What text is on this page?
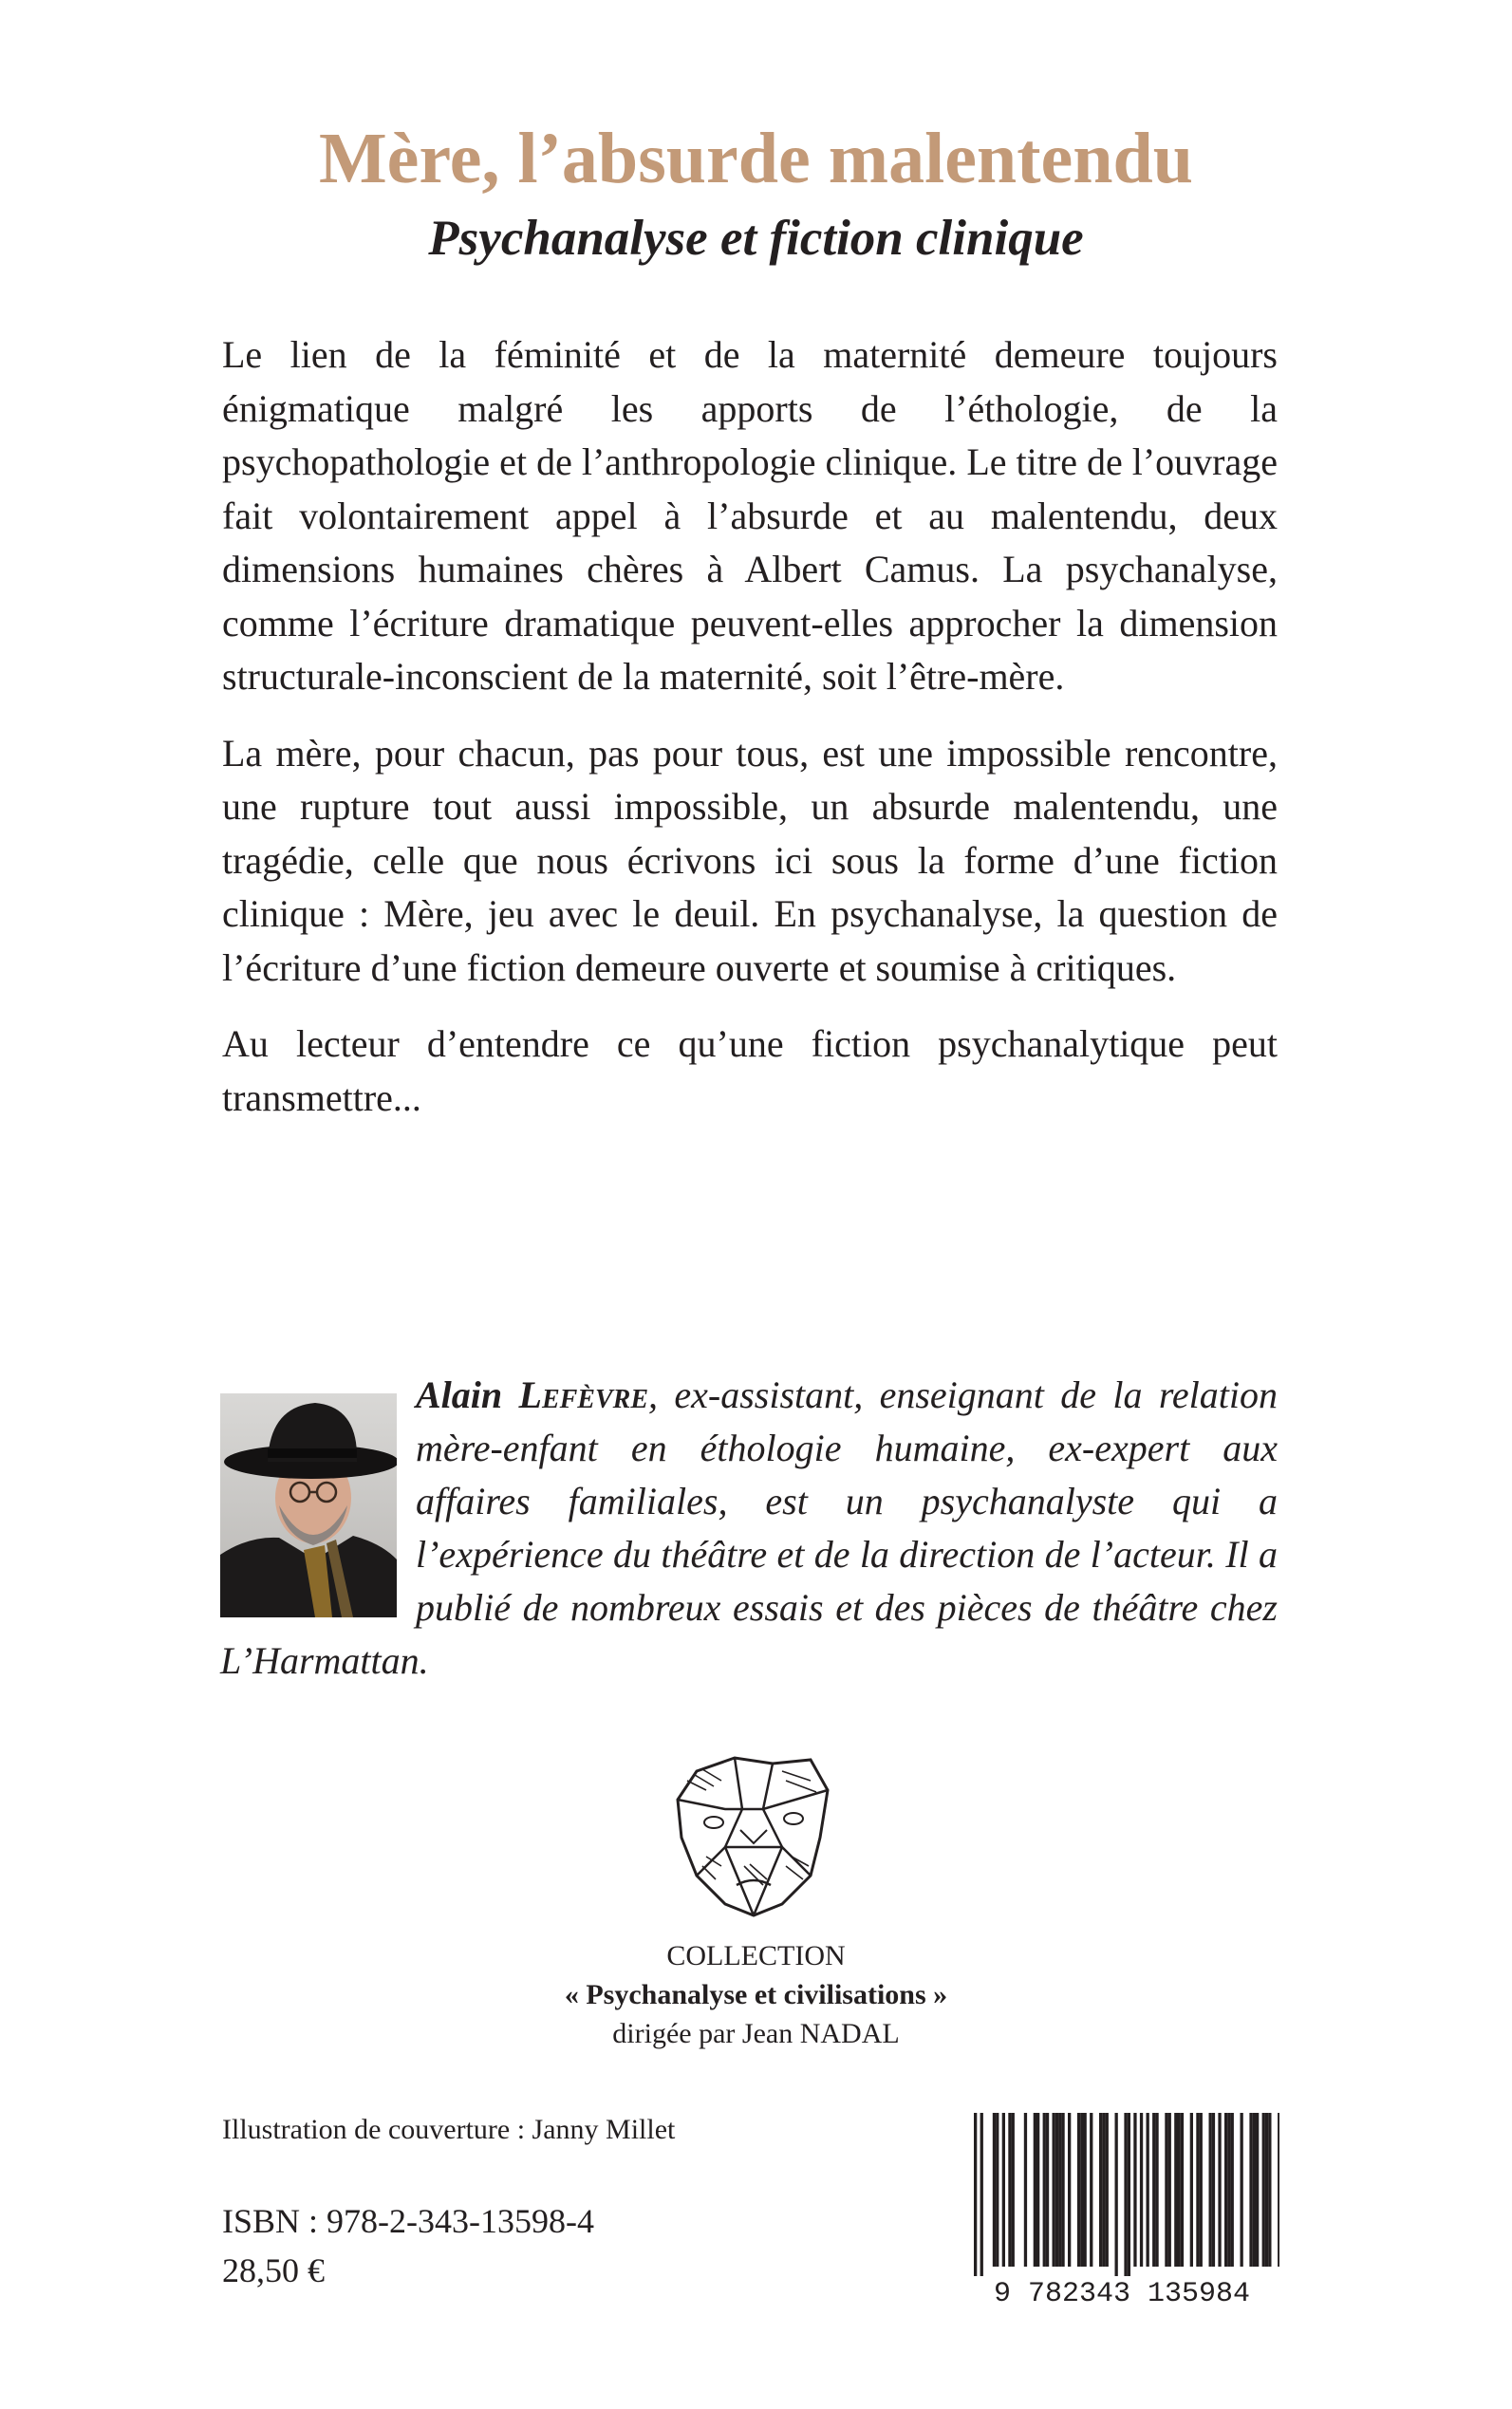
Mère, l’absurde malentendu
Psychanalyse et fiction clinique

Le lien de la féminité et de la maternité demeure toujours énigmatique malgré les apports de l’éthologie, de la psychopathologie et de l’anthropologie clinique. Le titre de l’ouvrage fait volontairement appel à l’absurde et au malentendu, deux dimensions humaines chères à Albert Camus. La psychanalyse, comme l’écriture dramatique peuvent-elles approcher la dimension structurale-inconscient de la maternité, soit l’être-mère.

La mère, pour chacun, pas pour tous, est une impossible rencontre, une rupture tout aussi impossible, un absurde malentendu, une tragédie, celle que nous écrivons ici sous la forme d’une fiction clinique : Mère, jeu avec le deuil. En psychanalyse, la question de l’écriture d’une fiction demeure ouverte et soumise à critiques.

Au lecteur d’entendre ce qu’une fiction psychanalytique peut transmettre...

Alain Lefèvre, ex-assistant, enseignant de la relation mère-enfant en éthologie humaine, ex-expert aux affaires familiales, est un psychanalyste qui a l’expérience du théâtre et de la direction de l’acteur. Il a publié de nombreux essais et des pièces de théâtre chez L’Harmattan.

COLLECTION
« Psychanalyse et civilisations »
dirigée par Jean NADAL
Illustration de couverture : Janny Millet
ISBN : 978-2-343-13598-4
28,50 €
9 782343 135984
